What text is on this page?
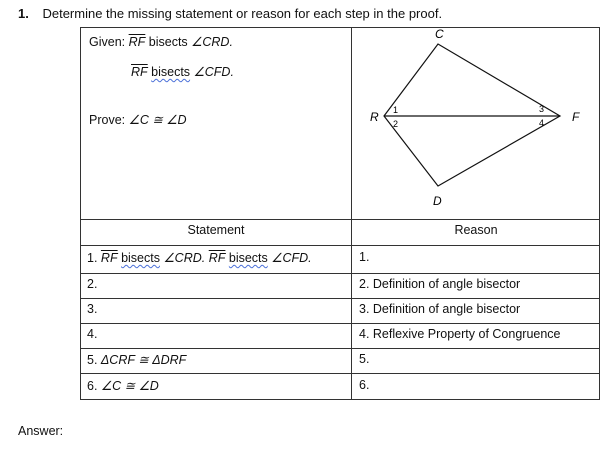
1. Determine the missing statement or reason for each step in the proof.
Given: $\overline{RF}$ bisects ∠CRD.
$\overline{RF}$ bisects ∠CFD.
Prove: ∠C ≅ ∠D
C
R	F
D
1
2
3
4
Statement	Reason
1. $\overline{RF}$ bisects ∠CRD. $\overline{RF}$ bisects ∠CFD.	1.
2.	2. Definition of angle bisector
3.	3. Definition of angle bisector
4.	4. Reflexive Property of Congruence
5. ΔCRF ≅ ΔDRF	5.
6. ∠C ≅ ∠D	6.
Answer:
